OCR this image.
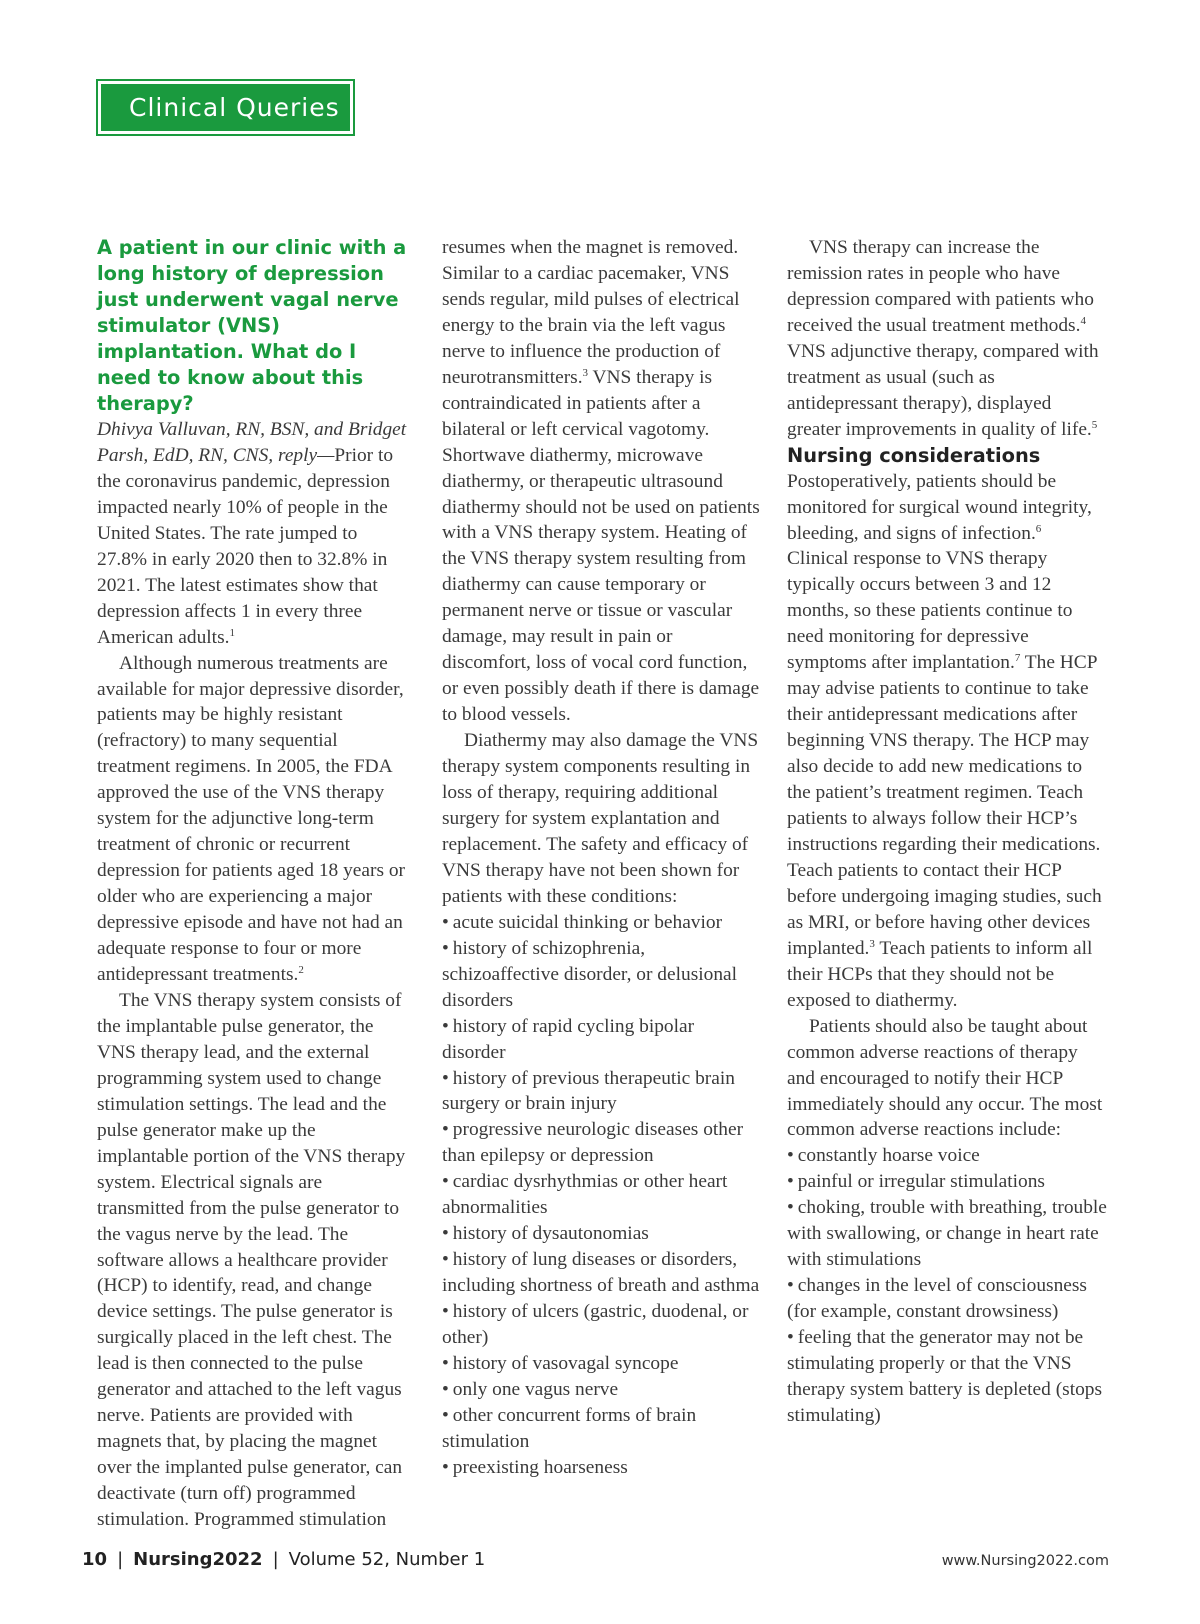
Clinical Queries

A patient in our clinic with a long history of depression just underwent vagal nerve stimulator (VNS) implantation. What do I need to know about this therapy?

Dhivya Valluvan, RN, BSN, and Bridget Parsh, EdD, RN, CNS, reply—Prior to the coronavirus pandemic, depression impacted nearly 10% of people in the United States. The rate jumped to 27.8% in early 2020 then to 32.8% in 2021. The latest estimates show that depression affects 1 in every three American adults.$^1$

Although numerous treatments are available for major depressive disorder, patients may be highly resistant (refractory) to many sequential treatment regimens. In 2005, the FDA approved the use of the VNS therapy system for the adjunctive long-term treatment of chronic or recurrent depression for patients aged 18 years or older who are experiencing a major depressive episode and have not had an adequate response to four or more antidepressant treatments.$^2$

The VNS therapy system consists of the implantable pulse generator, the VNS therapy lead, and the external programming system used to change stimulation settings. The lead and the pulse generator make up the implantable portion of the VNS therapy system. Electrical signals are transmitted from the pulse generator to the vagus nerve by the lead. The software allows a healthcare provider (HCP) to identify, read, and change device settings. The pulse generator is surgically placed in the left chest. The lead is then connected to the pulse generator and attached to the left vagus nerve. Patients are provided with magnets that, by placing the magnet over the implanted pulse generator, can deactivate (turn off) programmed stimulation. Programmed stimulation

resumes when the magnet is removed. Similar to a cardiac pacemaker, VNS sends regular, mild pulses of electrical energy to the brain via the left vagus nerve to influence the production of neurotransmitters.$^3$ VNS therapy is contraindicated in patients after a bilateral or left cervical vagotomy. Shortwave diathermy, microwave diathermy, or therapeutic ultrasound diathermy should not be used on patients with a VNS therapy system. Heating of the VNS therapy system resulting from diathermy can cause temporary or permanent nerve or tissue or vascular damage, may result in pain or discomfort, loss of vocal cord function, or even possibly death if there is damage to blood vessels.

Diathermy may also damage the VNS therapy system components resulting in loss of therapy, requiring additional surgery for system explantation and replacement. The safety and efficacy of VNS therapy have not been shown for patients with these conditions:

• acute suicidal thinking or behavior
• history of schizophrenia, schizoaffective disorder, or delusional disorders
• history of rapid cycling bipolar disorder
• history of previous therapeutic brain surgery or brain injury
• progressive neurologic diseases other than epilepsy or depression
• cardiac dysrhythmias or other heart abnormalities
• history of dysautonomias
• history of lung diseases or disorders, including shortness of breath and asthma
• history of ulcers (gastric, duodenal, or other)
• history of vasovagal syncope
• only one vagus nerve
• other concurrent forms of brain stimulation
• preexisting hoarseness

VNS therapy can increase the remission rates in people who have depression compared with patients who received the usual treatment methods.$^4$ VNS adjunctive therapy, compared with treatment as usual (such as antidepressant therapy), displayed greater improvements in quality of life.$^5$

Nursing considerations

Postoperatively, patients should be monitored for surgical wound integrity, bleeding, and signs of infection.$^6$ Clinical response to VNS therapy typically occurs between 3 and 12 months, so these patients continue to need monitoring for depressive symptoms after implantation.$^7$ The HCP may advise patients to continue to take their antidepressant medications after beginning VNS therapy. The HCP may also decide to add new medications to the patient’s treatment regimen. Teach patients to always follow their HCP’s instructions regarding their medications. Teach patients to contact their HCP before undergoing imaging studies, such as MRI, or before having other devices implanted.$^3$ Teach patients to inform all their HCPs that they should not be exposed to diathermy.

Patients should also be taught about common adverse reactions of therapy and encouraged to notify their HCP immediately should any occur. The most common adverse reactions include:

• constantly hoarse voice
• painful or irregular stimulations
• choking, trouble with breathing, trouble with swallowing, or change in heart rate with stimulations
• changes in the level of consciousness (for example, constant drowsiness)
• feeling that the generator may not be stimulating properly or that the VNS therapy system battery is depleted (stops stimulating)
10 | Nursing2022 | Volume 52, Number 1	www.Nursing2022.com
